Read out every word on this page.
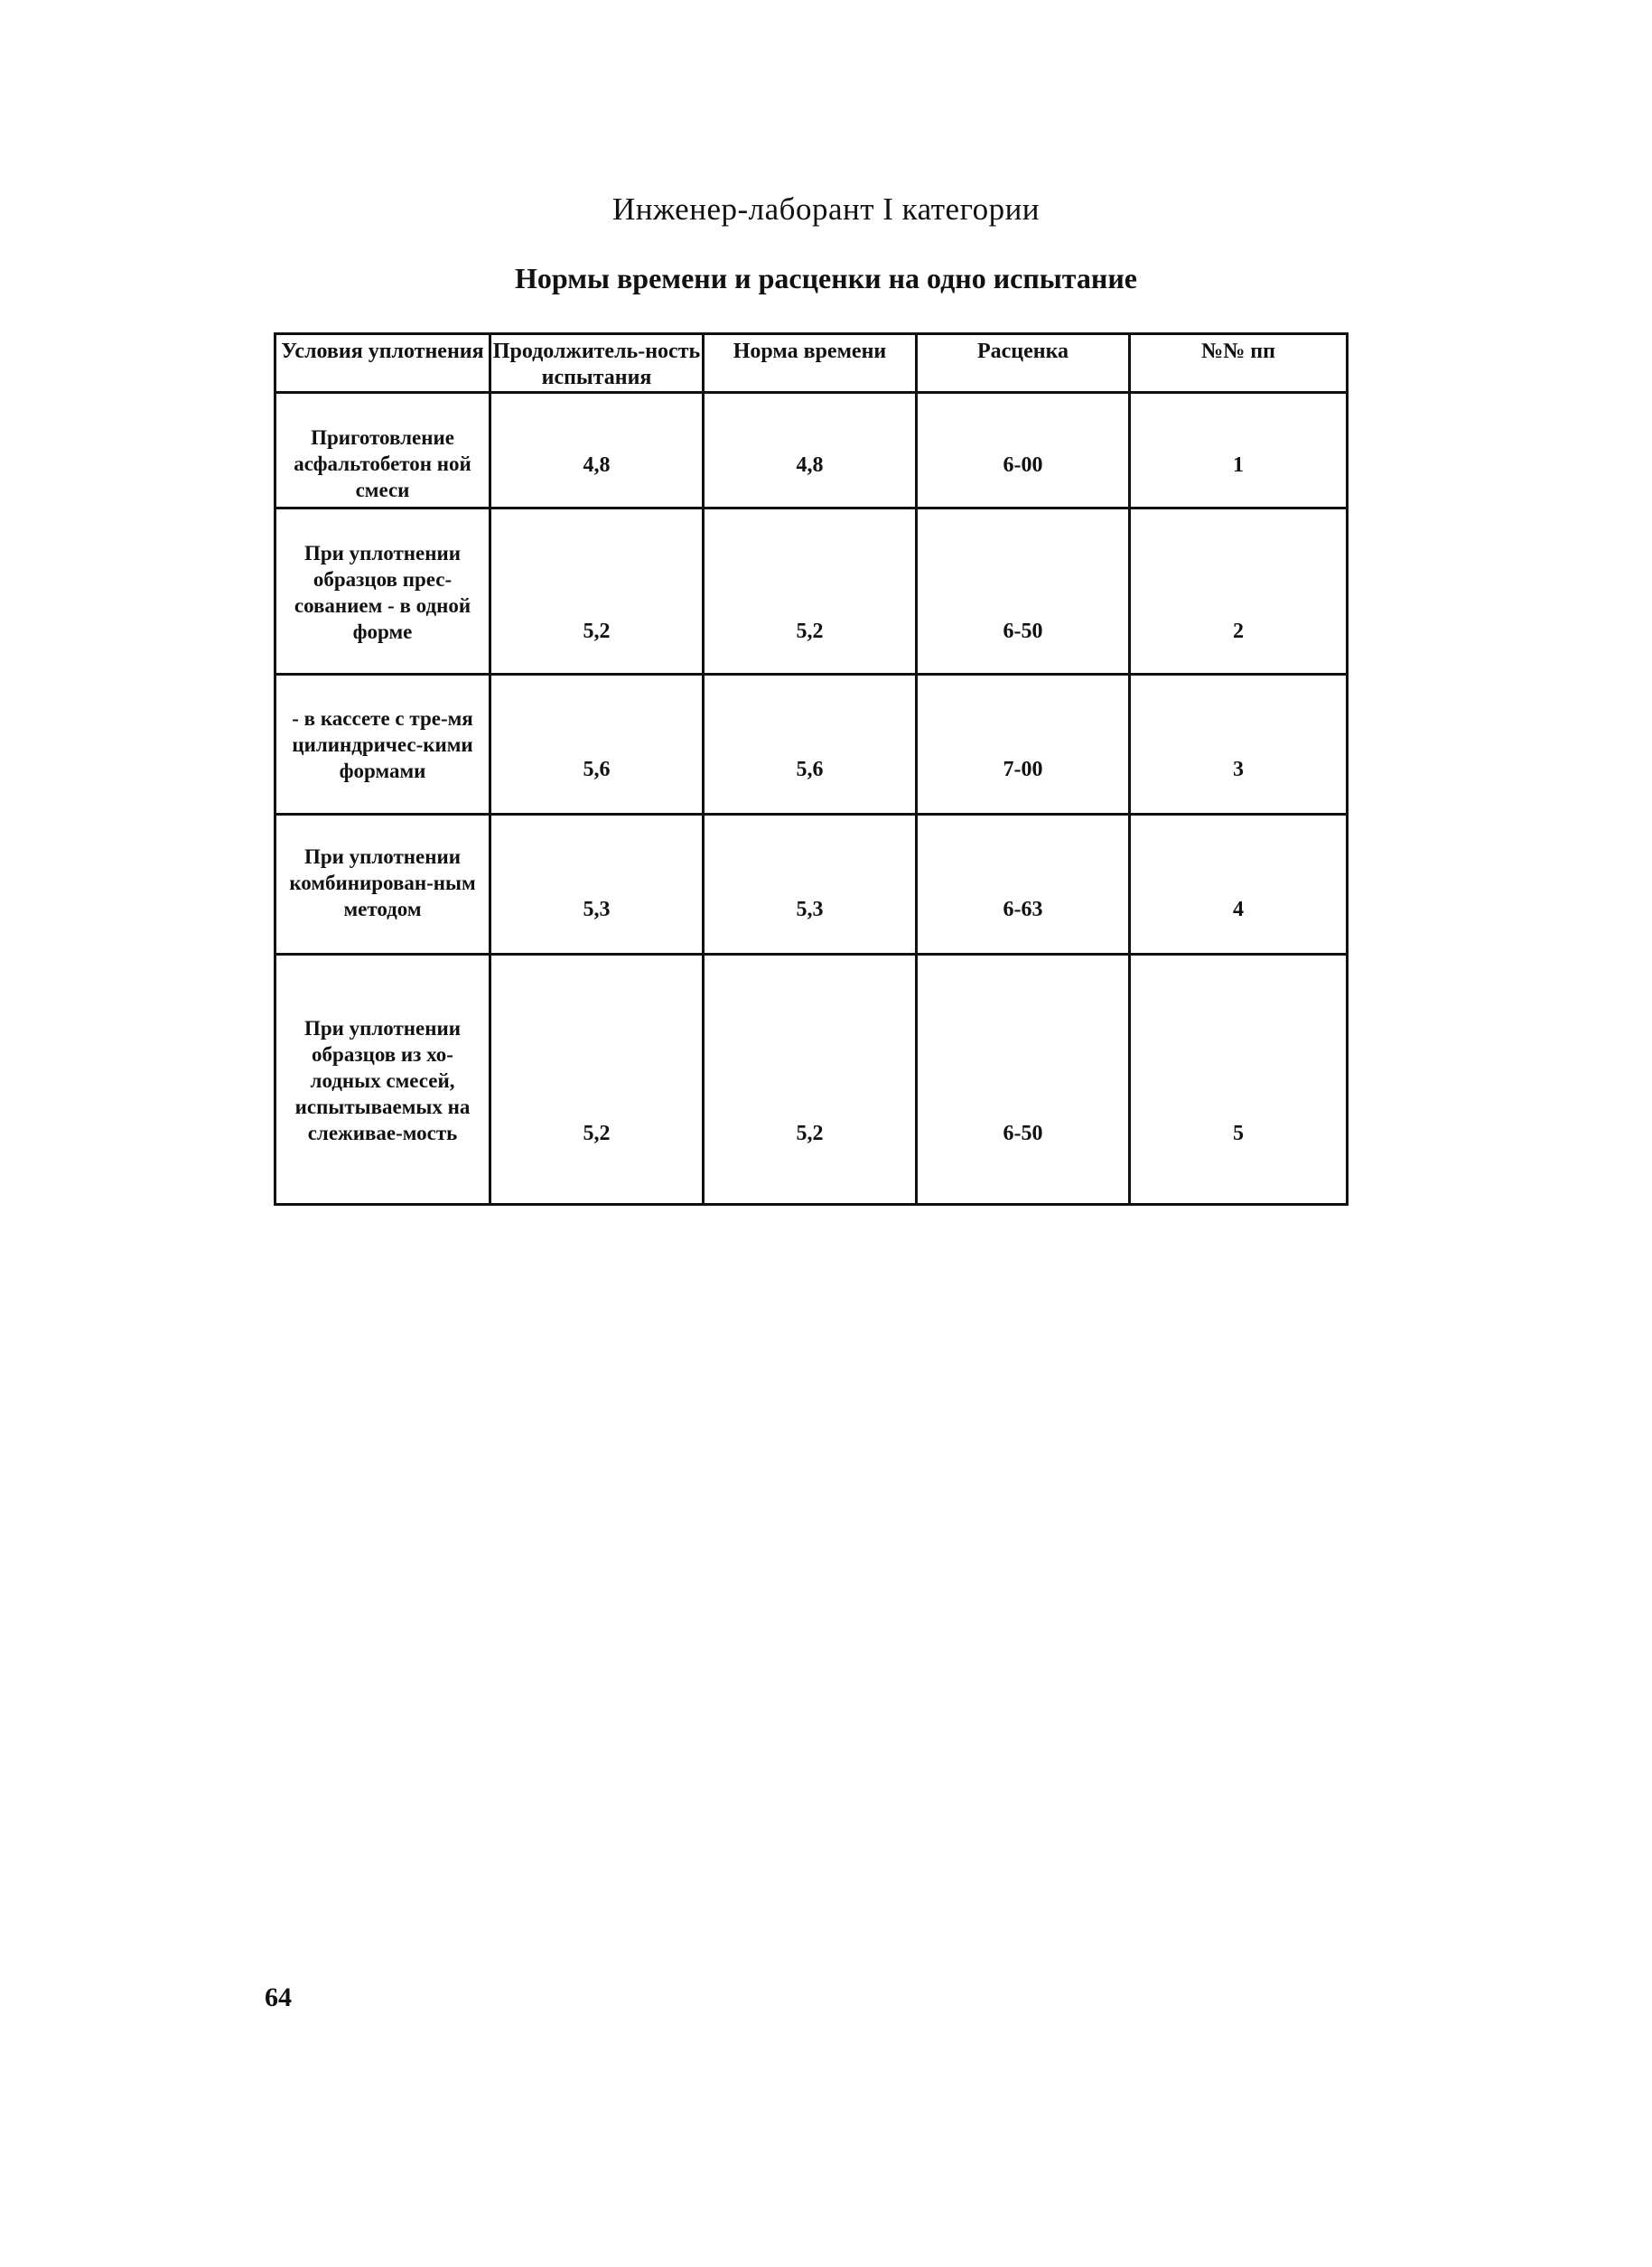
Инженер-лаборант I категории
Нормы времени и расценки на одно испытание
Условия уплотнения	Продолжитель-ность испытания	Норма времени	Расценка	№№ пп

Приготовление асфальтобетон ной смеси	4,8	4,8	6-00	1

При уплотнении образцов прес-сованием - в одной форме	5,2	5,2	6-50	2

- в кассете с тре-мя цилиндричес-кими формами	5,6	5,6	7-00	3

При уплотнении комбинирован-ным методом	5,3	5,3	6-63	4

При уплотнении образцов из хо-лодных смесей, испытываемых на слеживае-мость	5,2	5,2	6-50	5
64
